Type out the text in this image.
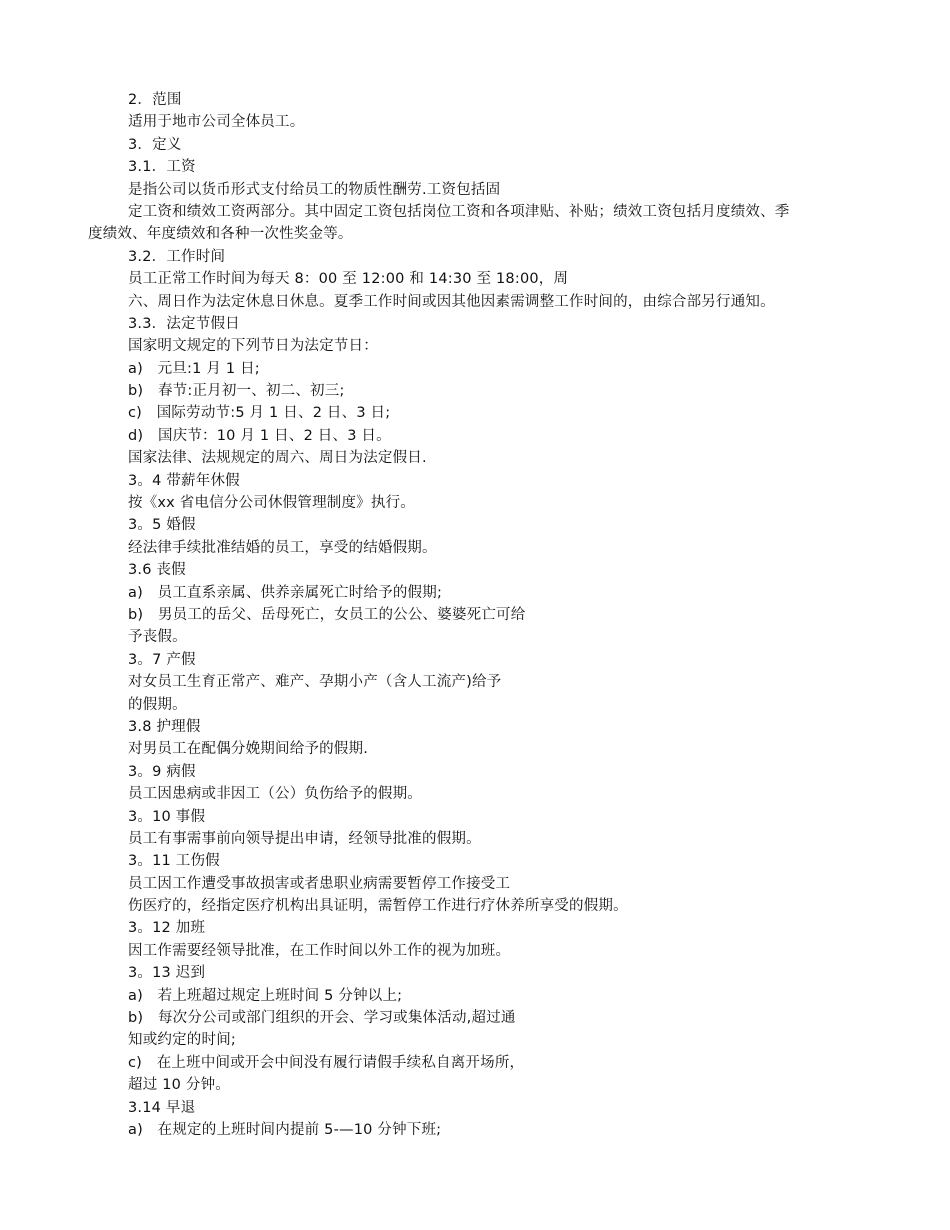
2．范围
适用于地市公司全体员工。
3．定义
3.1．工资
是指公司以货币形式支付给员工的物质性酬劳.工资包括固
定工资和绩效工资两部分。其中固定工资包括岗位工资和各项津贴、补贴；绩效工资包括月度绩效、季
度绩效、年度绩效和各种一次性奖金等。
3.2．工作时间
员工正常工作时间为每天 8：00 至 12:00 和 14:30 至 18:00，周
六、周日作为法定休息日休息。夏季工作时间或因其他因素需调整工作时间的，由综合部另行通知。
3.3．法定节假日
国家明文规定的下列节日为法定节日：
a)　元旦:1 月 1 日;
b)　春节:正月初一、初二、初三;
c)　国际劳动节:5 月 1 日、2 日、3 日;
d)　国庆节：10 月 1 日、2 日、3 日。
国家法律、法规规定的周六、周日为法定假日.
3。4 带薪年休假
按《xx 省电信分公司休假管理制度》执行。
3。5 婚假
经法律手续批准结婚的员工，享受的结婚假期。
3.6 丧假
a)　员工直系亲属、供养亲属死亡时给予的假期;
b)　男员工的岳父、岳母死亡，女员工的公公、婆婆死亡可给
予丧假。
3。7 产假
对女员工生育正常产、难产、孕期小产（含人工流产)给予
的假期。
3.8 护理假
对男员工在配偶分娩期间给予的假期.
3。9 病假
员工因患病或非因工（公）负伤给予的假期。
3。10 事假
员工有事需事前向领导提出申请，经领导批准的假期。
3。11 工伤假
员工因工作遭受事故损害或者患职业病需要暂停工作接受工
伤医疗的，经指定医疗机构出具证明，需暂停工作进行疗休养所享受的假期。
3。12 加班
因工作需要经领导批准，在工作时间以外工作的视为加班。
3。13 迟到
a)　若上班超过规定上班时间 5 分钟以上;
b)　每次分公司或部门组织的开会、学习或集体活动,超过通
知或约定的时间;
c)　在上班中间或开会中间没有履行请假手续私自离开场所，
超过 10 分钟。
3.14 早退
a)　在规定的上班时间内提前 5-—10 分钟下班;
